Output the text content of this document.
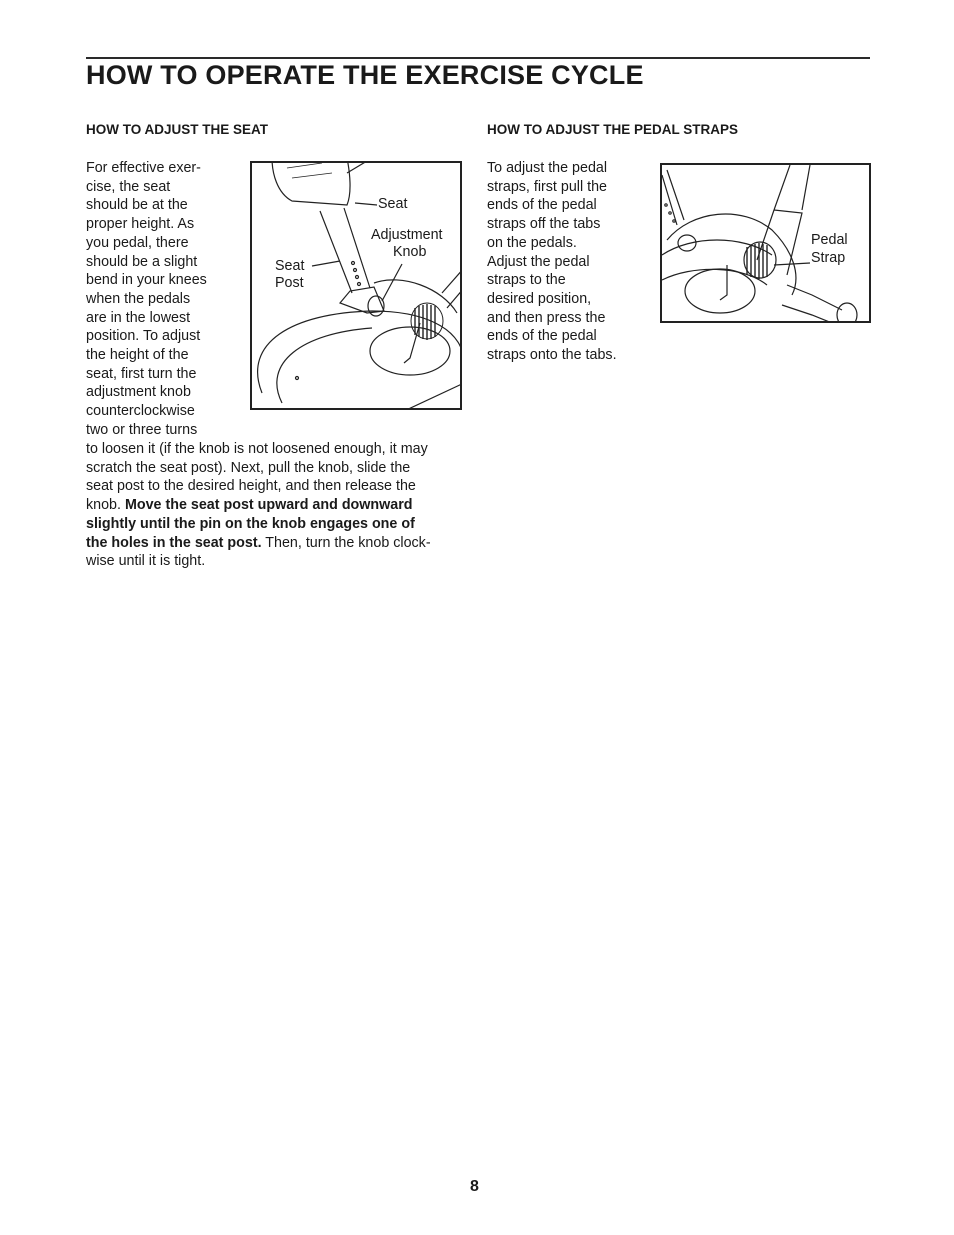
HOW TO OPERATE THE EXERCISE CYCLE
HOW TO ADJUST THE SEAT
For effective exer-
cise, the seat
should be at the
proper height. As
you pedal, there
should be a slight
bend in your knees
when the pedals
are in the lowest
position. To adjust
the height of the
seat, first turn the
adjustment knob
counterclockwise
two or three turns
to loosen it (if the knob is not loosened enough, it may
scratch the seat post). Next, pull the knob, slide the
seat post to the desired height, and then release the
knob. Move the seat post upward and downward
slightly until the pin on the knob engages one of
the holes in the seat post. Then, turn the knob clock-
wise until it is tight.
Seat
Adjustment
Knob
Seat
Post
HOW TO ADJUST THE PEDAL STRAPS
To adjust the pedal
straps, first pull the
ends of the pedal
straps off the tabs
on the pedals.
Adjust the pedal
straps to the
desired position,
and then press the
ends of the pedal
straps onto the tabs.
Pedal
Strap
8
